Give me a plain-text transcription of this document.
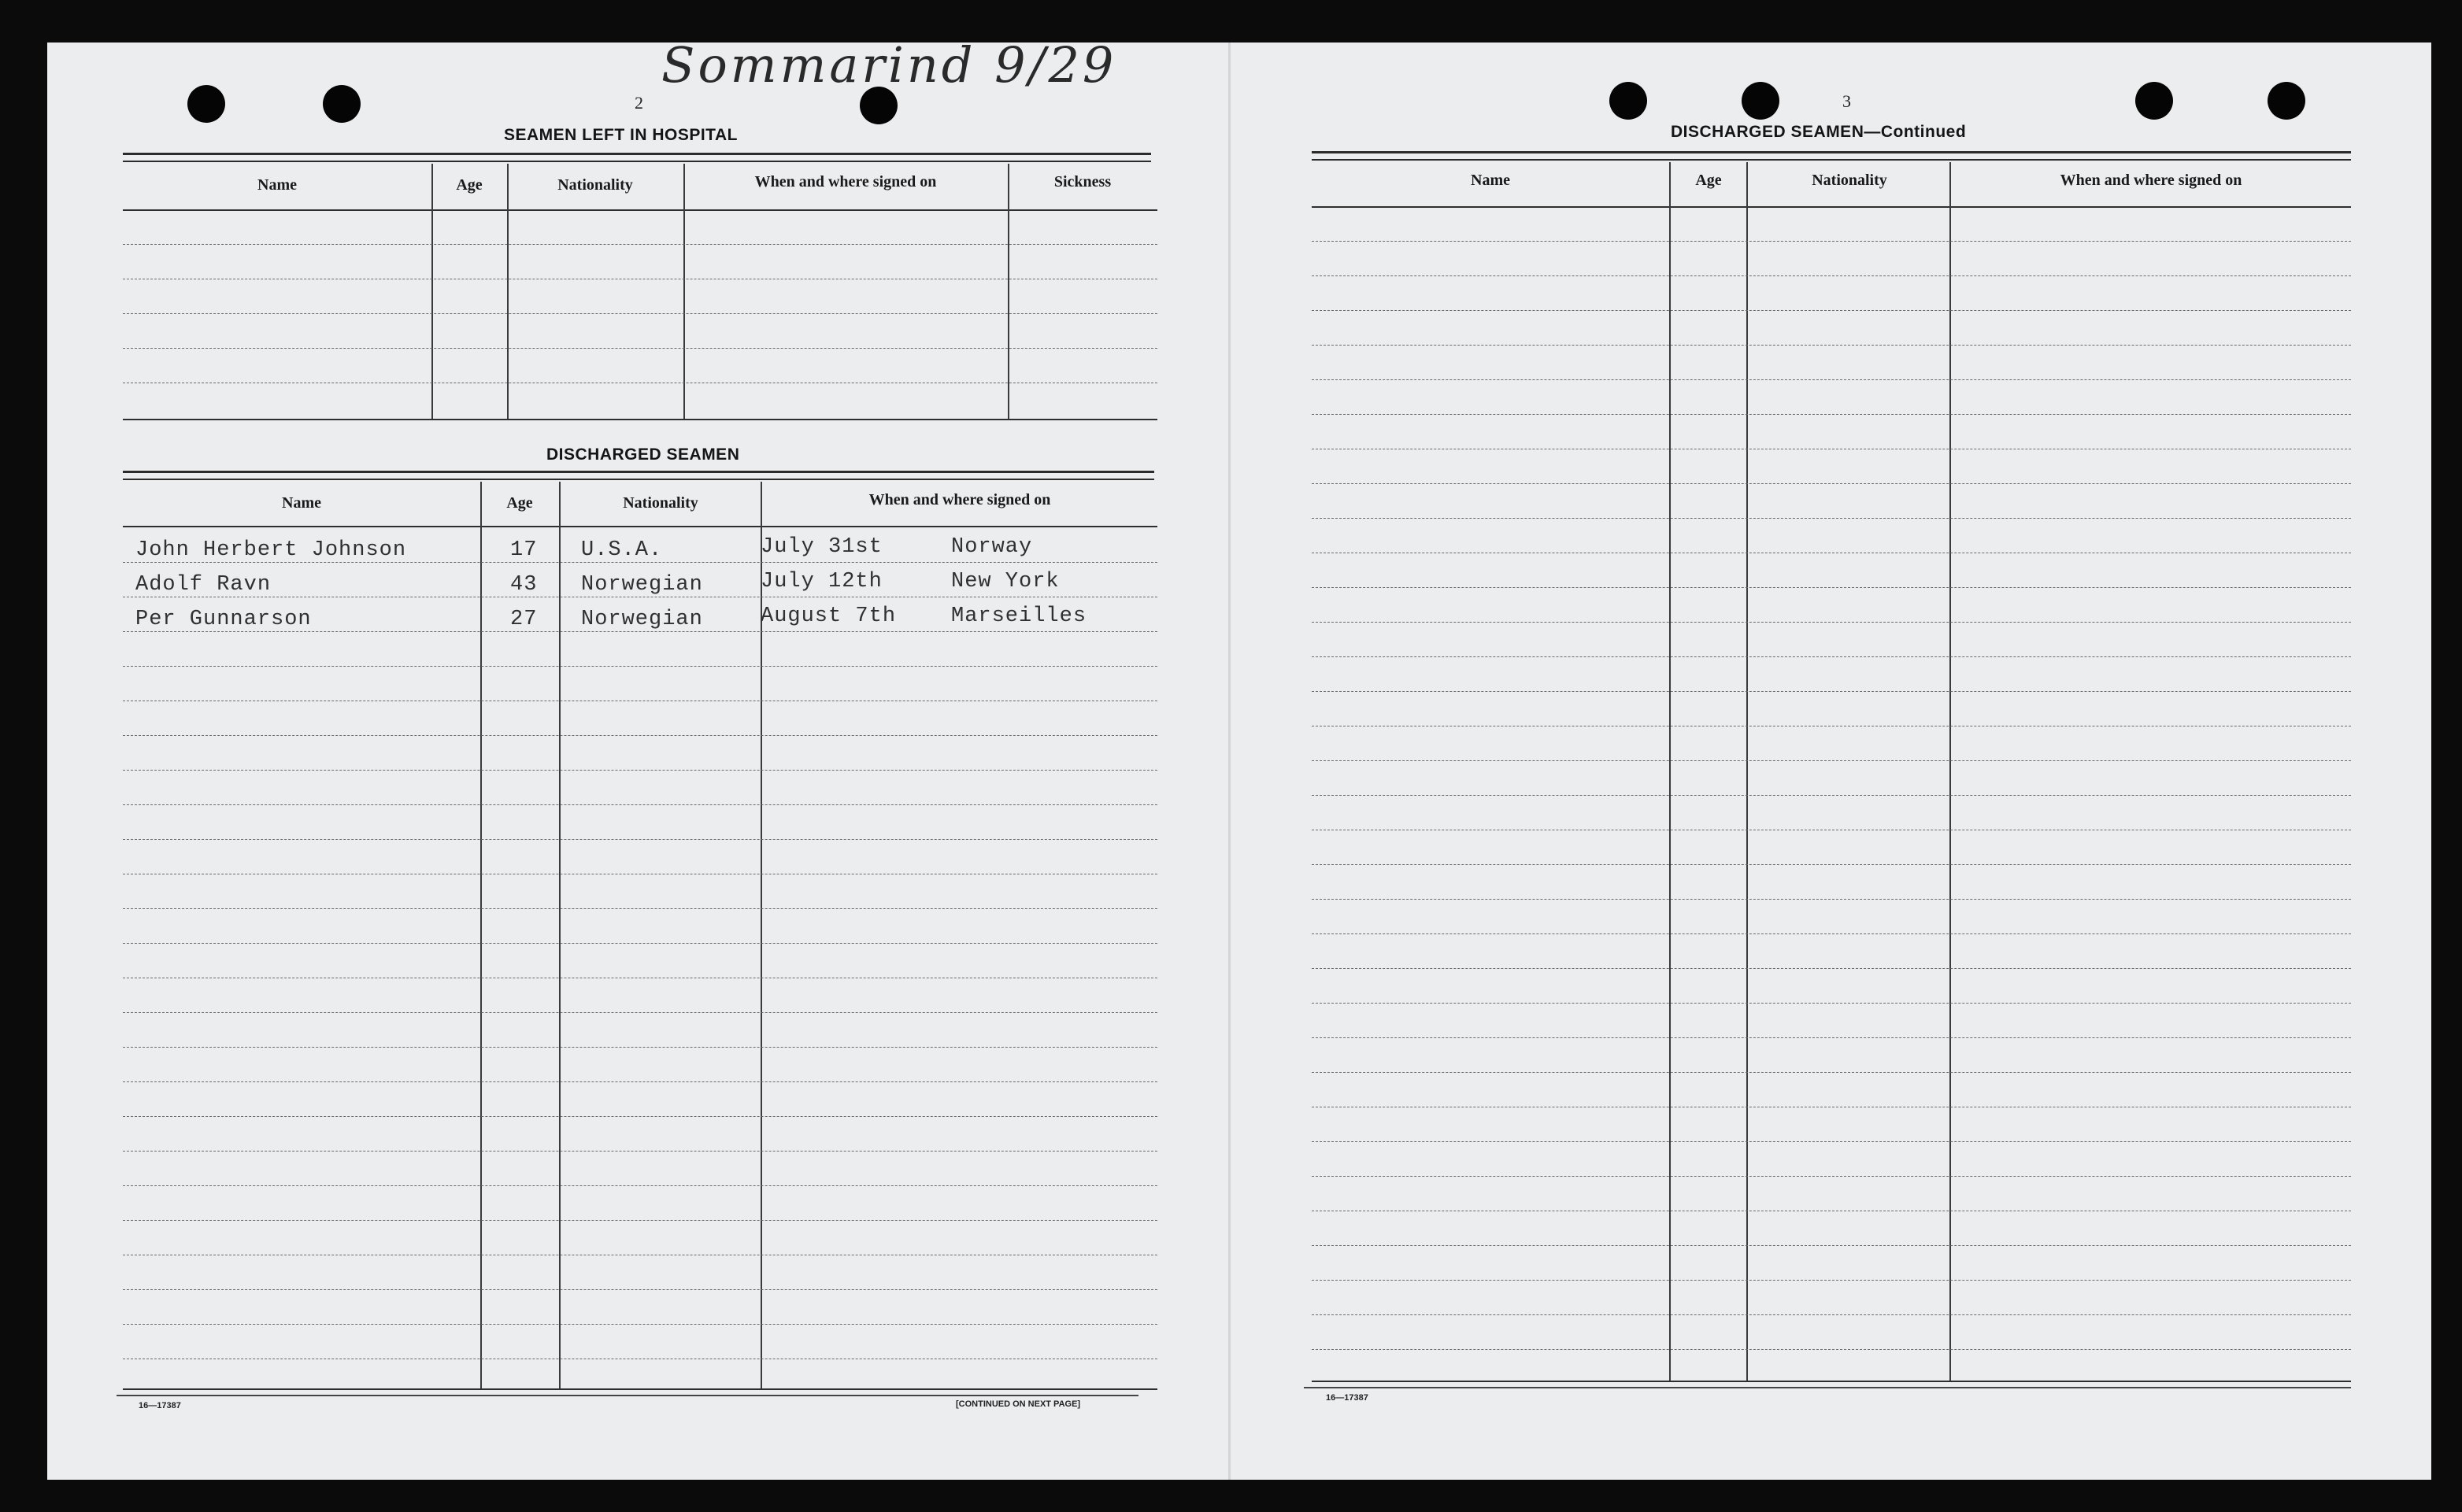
Sommarind 9/29
2
SEAMEN LEFT IN HOSPITAL
Name	Age	Nationality	When and where signed on	Sickness
DISCHARGED SEAMEN
Name	Age	Nationality	When and where signed on
John Herbert Johnson	17 U.S.A.	July 31st	Norway
Adolf Ravn	43 Norwegian	July 12th	New York
Per Gunnarson	27 Norwegian	August 7th	Marseilles
16—17387	[CONTINUED ON NEXT PAGE]
3
DISCHARGED SEAMEN—Continued
Name	Age	Nationality	When and where signed on
16—17387
